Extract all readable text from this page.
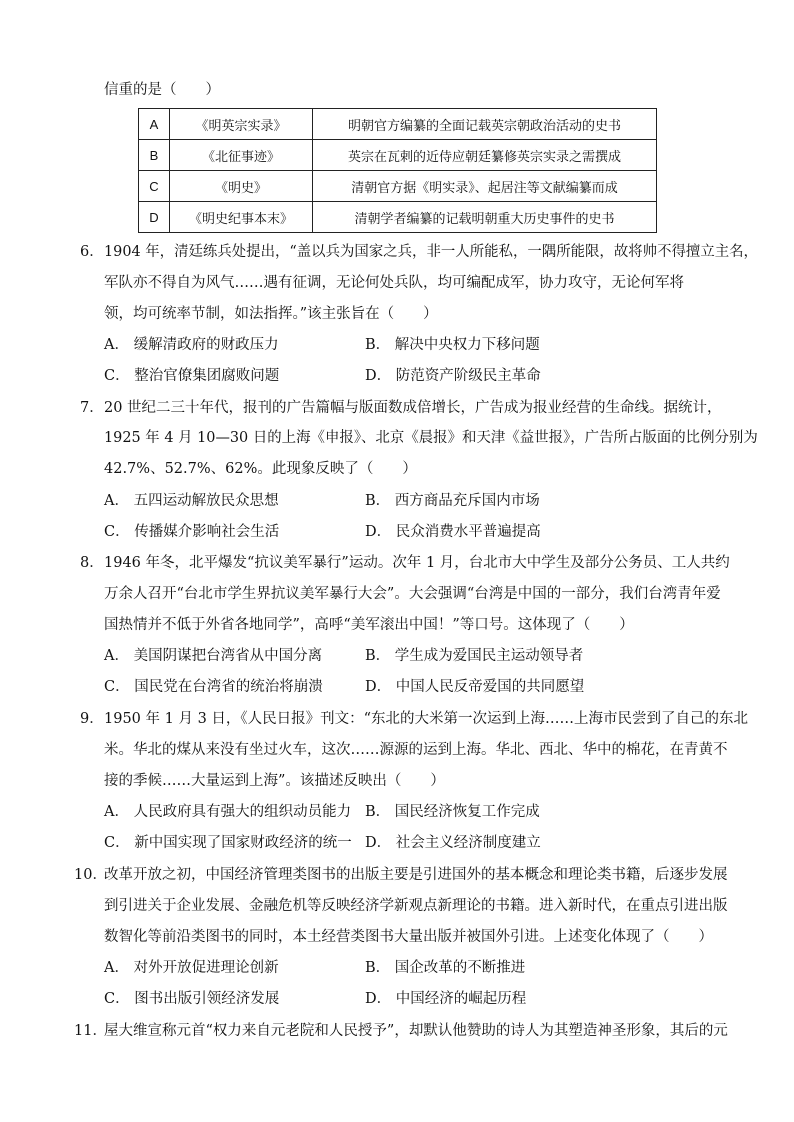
信重的是（　　）
A	《明英宗实录》	明朝官方编纂的全面记载英宗朝政治活动的史书
B	《北征事迹》	英宗在瓦剌的近侍应朝廷纂修英宗实录之需撰成
C	《明史》	清朝官方据《明实录》、起居注等文献编纂而成
D	《明史纪事本末》	清朝学者编纂的记载明朝重大历史事件的史书
6． 1904 年，清廷练兵处提出，“盖以兵为国家之兵，非一人所能私，一隅所能限，故将帅不得擅立主名，
军队亦不得自为风气……遇有征调，无论何处兵队，均可编配成军，协力攻守，无论何军将
领，均可统率节制，如法指挥。”该主张旨在（　　）
A． 缓解清政府的财政压力	B． 解决中央权力下移问题
C． 整治官僚集团腐败问题	D． 防范资产阶级民主革命
7． 20 世纪二三十年代，报刊的广告篇幅与版面数成倍增长，广告成为报业经营的生命线。据统计，
1925 年 4 月 10—30 日的上海《申报》、北京《晨报》和天津《益世报》，广告所占版面的比例分别为
42.7%、52.7%、62%。此现象反映了（　　）
A． 五四运动解放民众思想	B． 西方商品充斥国内市场
C． 传播媒介影响社会生活	D． 民众消费水平普遍提高
8． 1946 年冬，北平爆发“抗议美军暴行”运动。次年 1 月，台北市大中学生及部分公务员、工人共约
万余人召开“台北市学生界抗议美军暴行大会”。大会强调“台湾是中国的一部分，我们台湾青年爱
国热情并不低于外省各地同学”，高呼“美军滚出中国！”等口号。这体现了（　　）
A． 美国阴谋把台湾省从中国分离	B． 学生成为爱国民主运动领导者
C． 国民党在台湾省的统治将崩溃	D． 中国人民反帝爱国的共同愿望
9． 1950 年 1 月 3 日，《人民日报》刊文：“东北的大米第一次运到上海……上海市民尝到了自己的东北
米。华北的煤从来没有坐过火车，这次……源源的运到上海。华北、西北、华中的棉花，在青黄不
接的季候……大量运到上海”。该描述反映出（　　）
A． 人民政府具有强大的组织动员能力 B． 国民经济恢复工作完成
C． 新中国实现了国家财政经济的统一 D． 社会主义经济制度建立
10．
改革开放之初，中国经济管理类图书的出版主要是引进国外的基本概念和理论类书籍，后逐步发展
到引进关于企业发展、金融危机等反映经济学新观点新理论的书籍。进入新时代，在重点引进出版
数智化等前沿类图书的同时，本土经营类图书大量出版并被国外引进。上述变化体现了（　　）
A． 对外开放促进理论创新	B． 国企改革的不断推进
C． 图书出版引领经济发展	D． 中国经济的崛起历程
11．
屋大维宣称元首“权力来自元老院和人民授予”，却默认他赞助的诗人为其塑造神圣形象，其后的元
